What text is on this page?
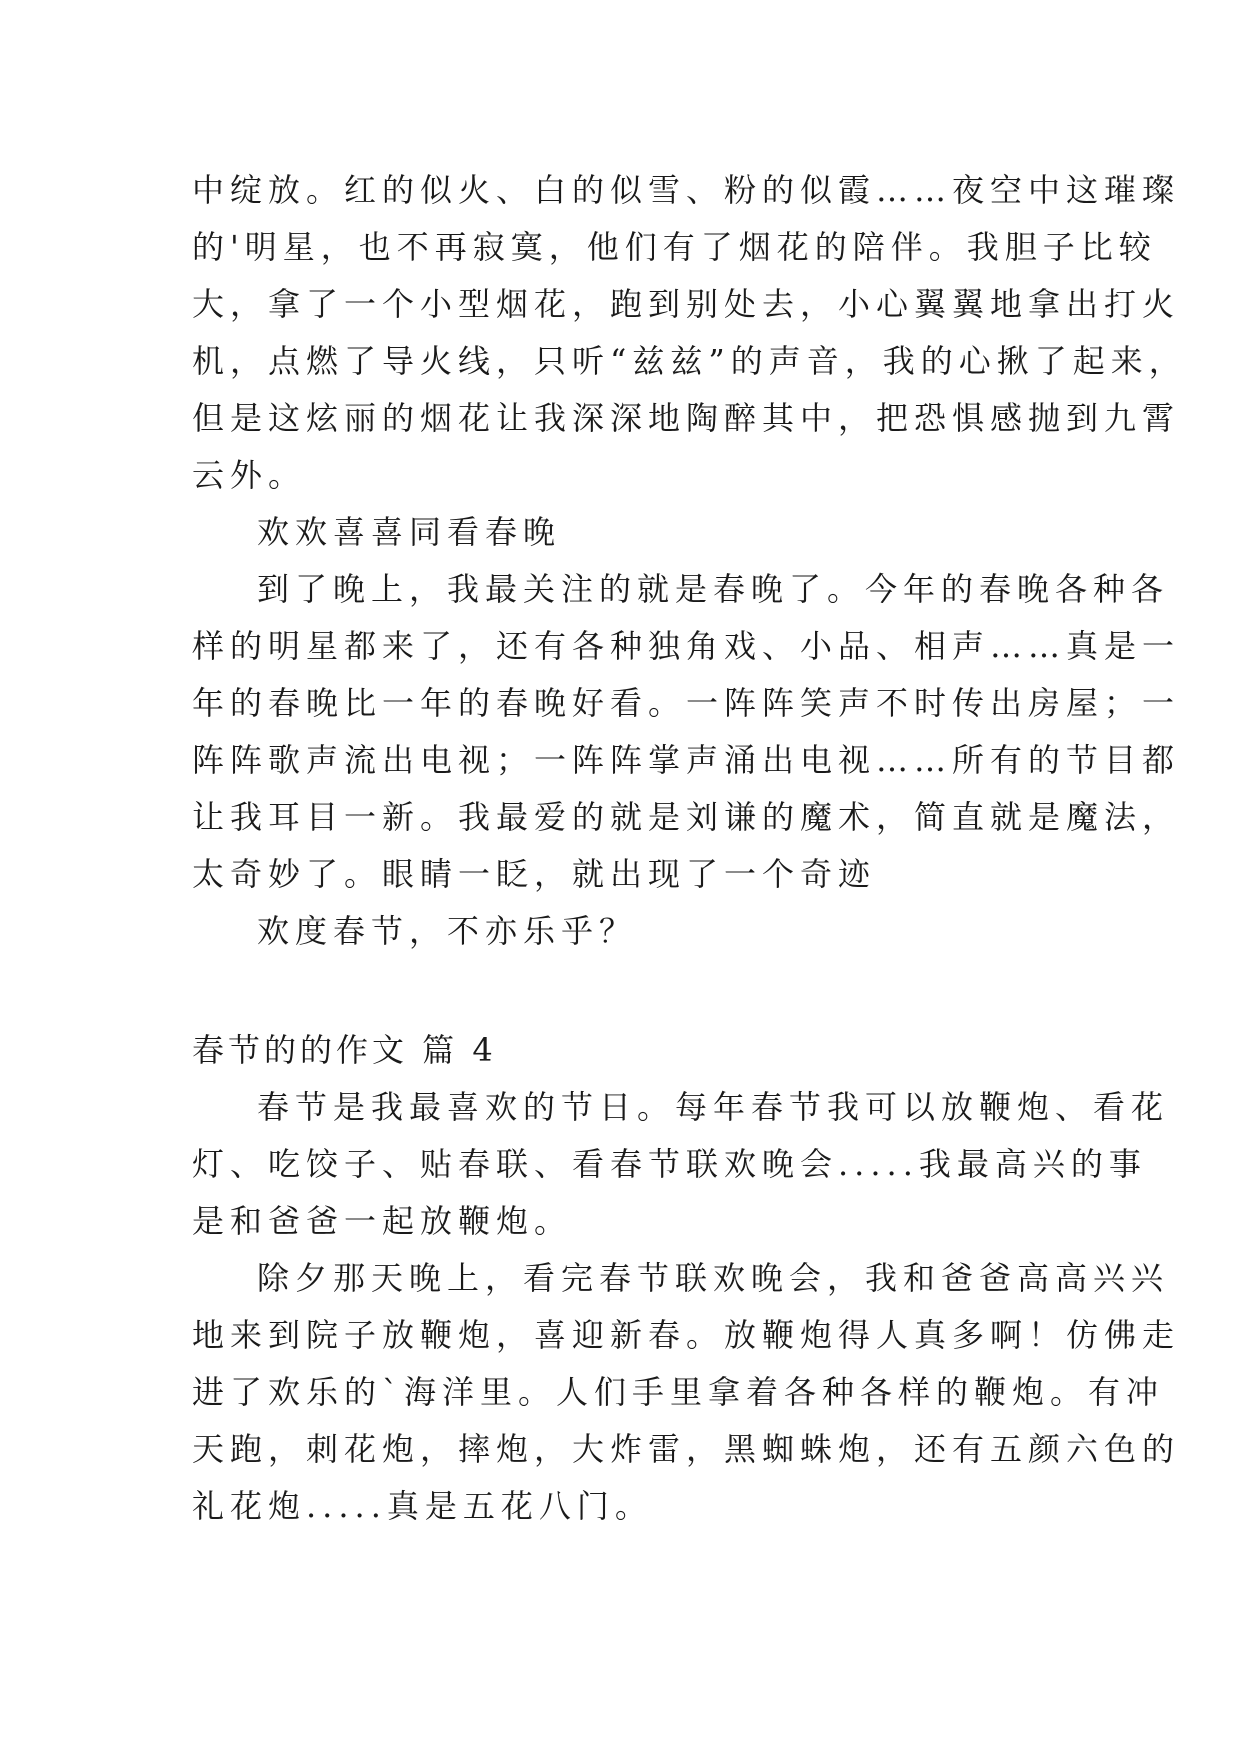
中绽放。红的似火、白的似雪、粉的似霞……夜空中这璀璨
的'明星，也不再寂寞，他们有了烟花的陪伴。我胆子比较
大，拿了一个小型烟花，跑到别处去，小心翼翼地拿出打火
机，点燃了导火线，只听“兹兹”的声音，我的心揪了起来，
但是这炫丽的烟花让我深深地陶醉其中，把恐惧感抛到九霄
云外。
欢欢喜喜同看春晚
到了晚上，我最关注的就是春晚了。今年的春晚各种各
样的明星都来了，还有各种独角戏、小品、相声……真是一
年的春晚比一年的春晚好看。一阵阵笑声不时传出房屋；一
阵阵歌声流出电视；一阵阵掌声涌出电视……所有的节目都
让我耳目一新。我最爱的就是刘谦的魔术，简直就是魔法，
太奇妙了。眼睛一眨，就出现了一个奇迹
欢度春节，不亦乐乎？
春节的的作文 篇 4
春节是我最喜欢的节日。每年春节我可以放鞭炮、看花
灯、吃饺子、贴春联、看春节联欢晚会.....我最高兴的事
是和爸爸一起放鞭炮。
除夕那天晚上，看完春节联欢晚会，我和爸爸高高兴兴
地来到院子放鞭炮，喜迎新春。放鞭炮得人真多啊！仿佛走
进了欢乐的`海洋里。人们手里拿着各种各样的鞭炮。有冲
天跑，刺花炮，摔炮，大炸雷，黑蜘蛛炮，还有五颜六色的
礼花炮.....真是五花八门。
